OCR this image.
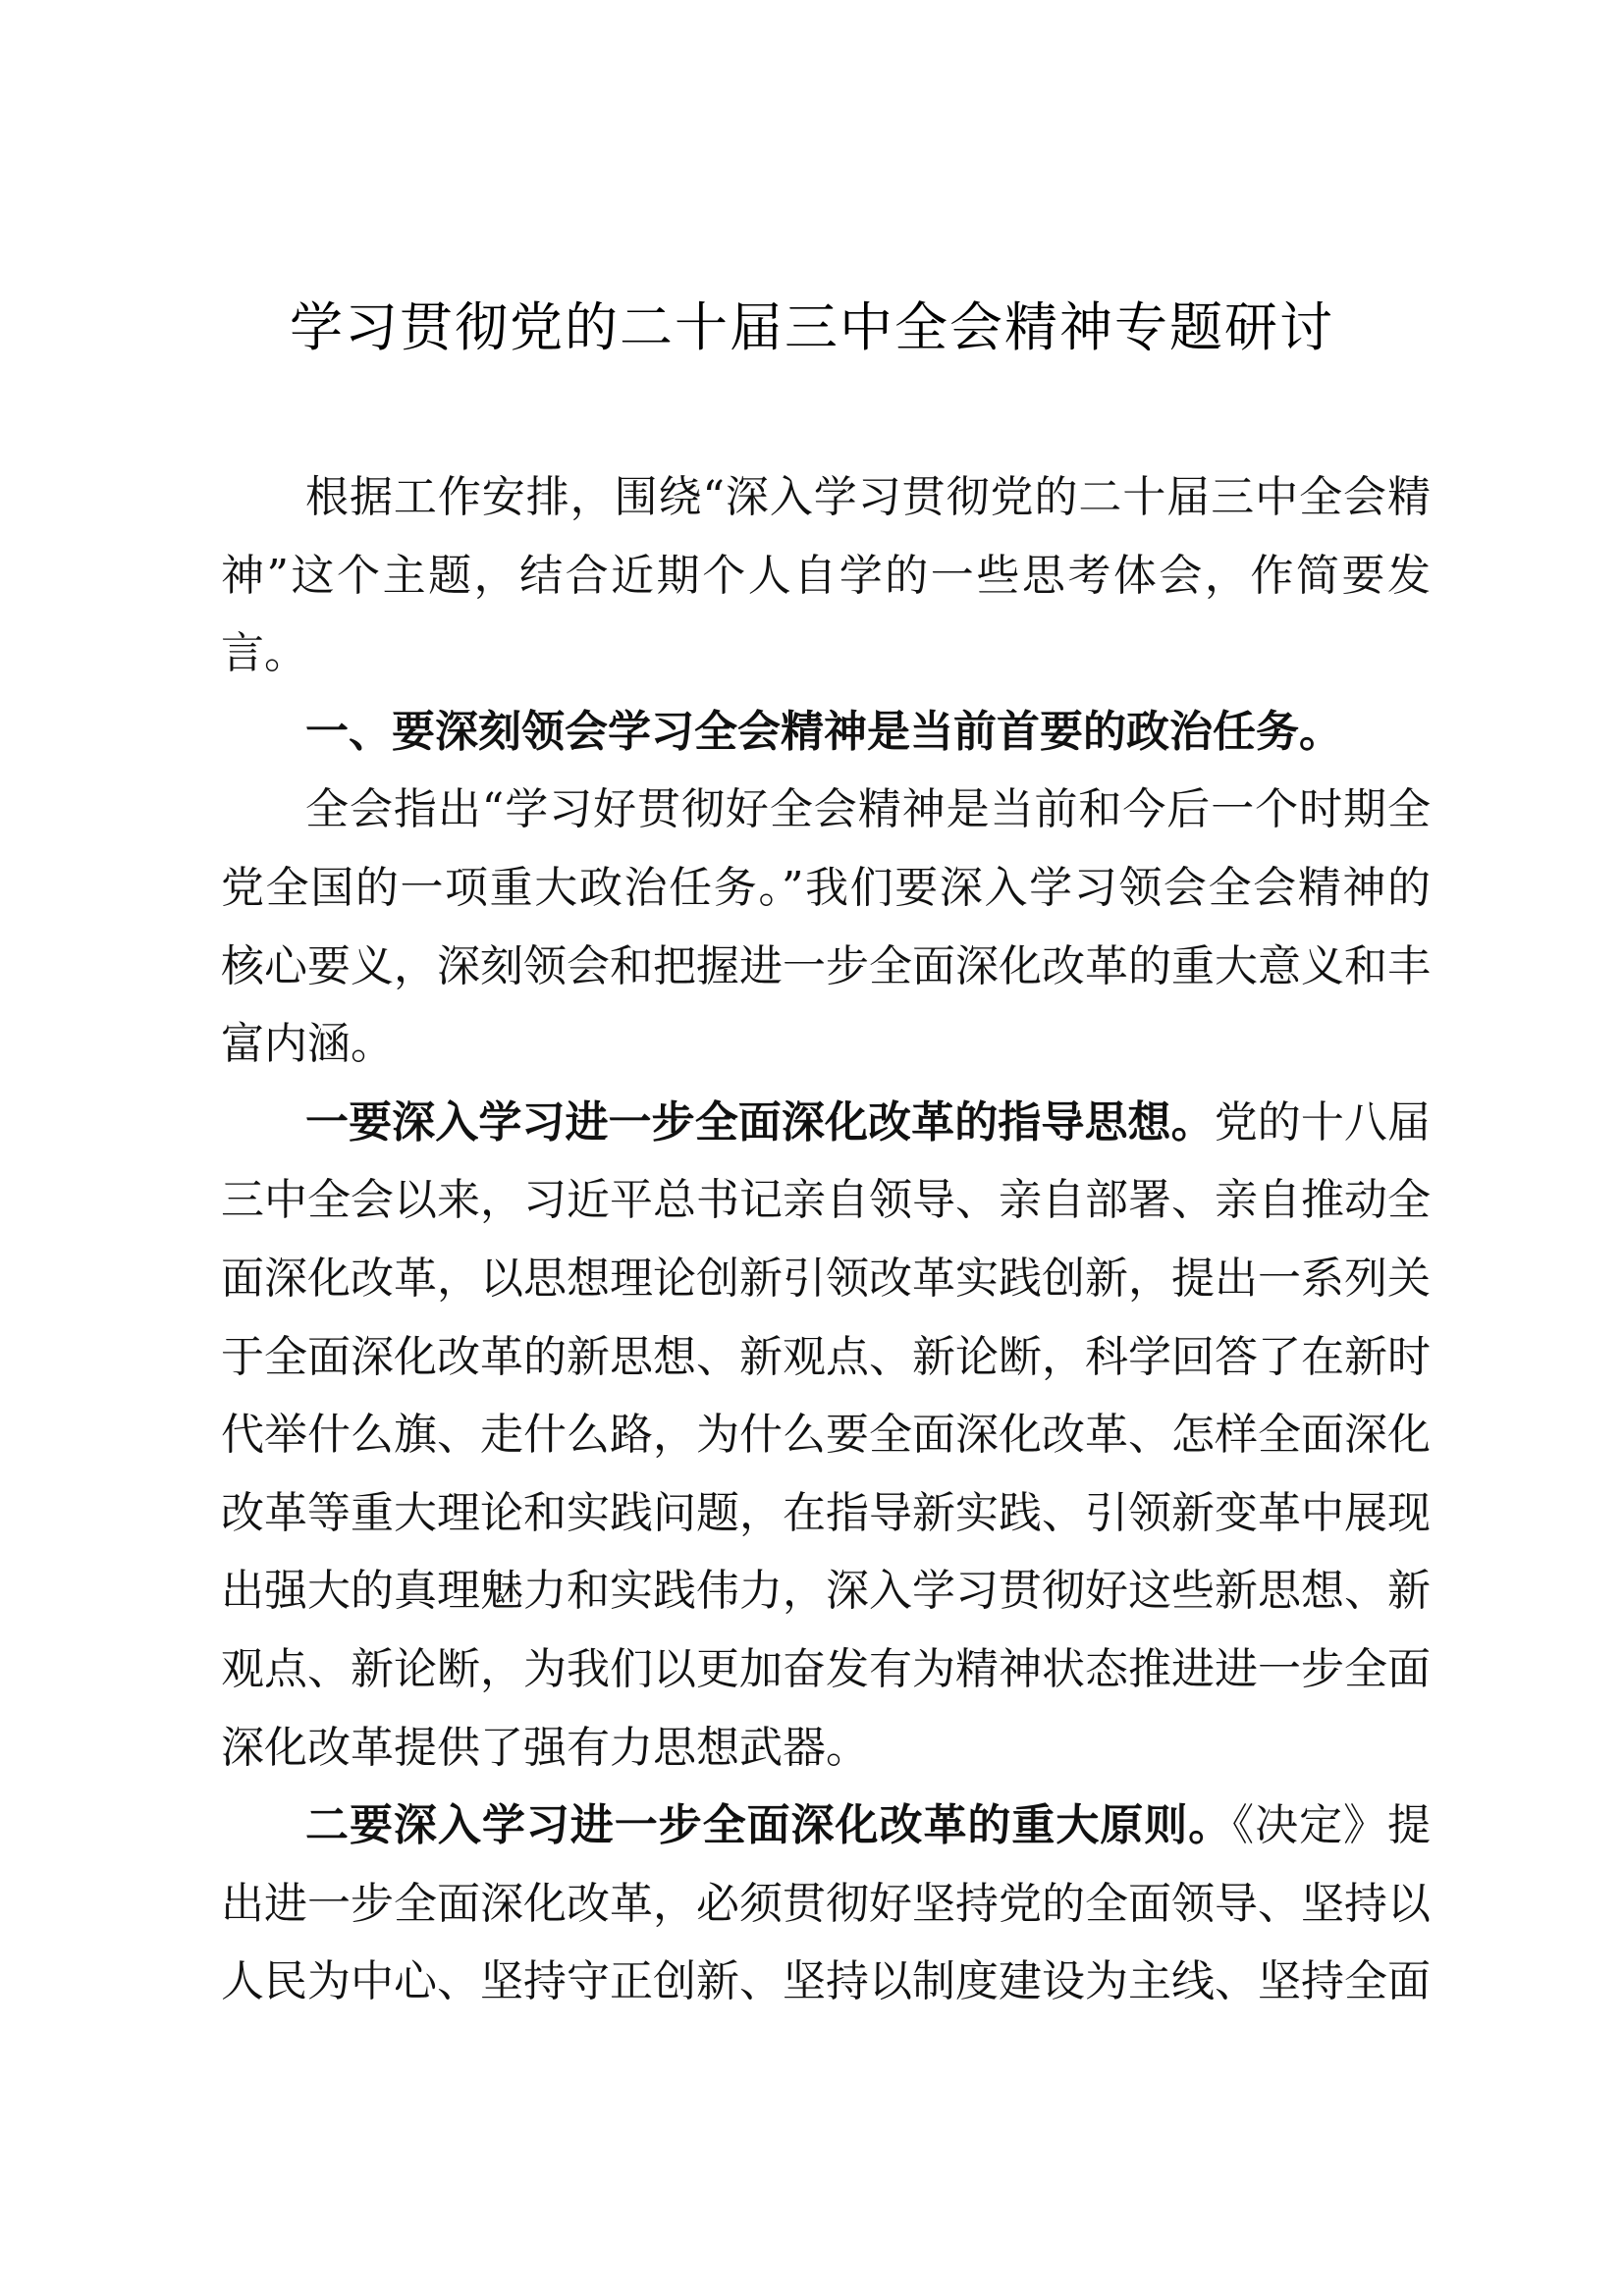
学习贯彻党的二十届三中全会精神专题研讨
根据工作安排，围绕“深入学习贯彻党的二十届三中全会精
神”这个主题，结合近期个人自学的一些思考体会，作简要发
言。
一、要深刻领会学习全会精神是当前首要的政治任务。
全会指出“学习好贯彻好全会精神是当前和今后一个时期全
党全国的一项重大政治任务。”我们要深入学习领会全会精神的
核心要义，深刻领会和把握进一步全面深化改革的重大意义和丰
富内涵。
一要深入学习进一步全面深化改革的指导思想。党的十八届
三中全会以来，习近平总书记亲自领导、亲自部署、亲自推动全
面深化改革，以思想理论创新引领改革实践创新，提出一系列关
于全面深化改革的新思想、新观点、新论断，科学回答了在新时
代举什么旗、走什么路，为什么要全面深化改革、怎样全面深化
改革等重大理论和实践问题，在指导新实践、引领新变革中展现
出强大的真理魅力和实践伟力，深入学习贯彻好这些新思想、新
观点、新论断，为我们以更加奋发有为精神状态推进进一步全面
深化改革提供了强有力思想武器。
二要深入学习进一步全面深化改革的重大原则。《决定》提
出进一步全面深化改革，必须贯彻好坚持党的全面领导、坚持以
人民为中心、坚持守正创新、坚持以制度建设为主线、坚持全面
